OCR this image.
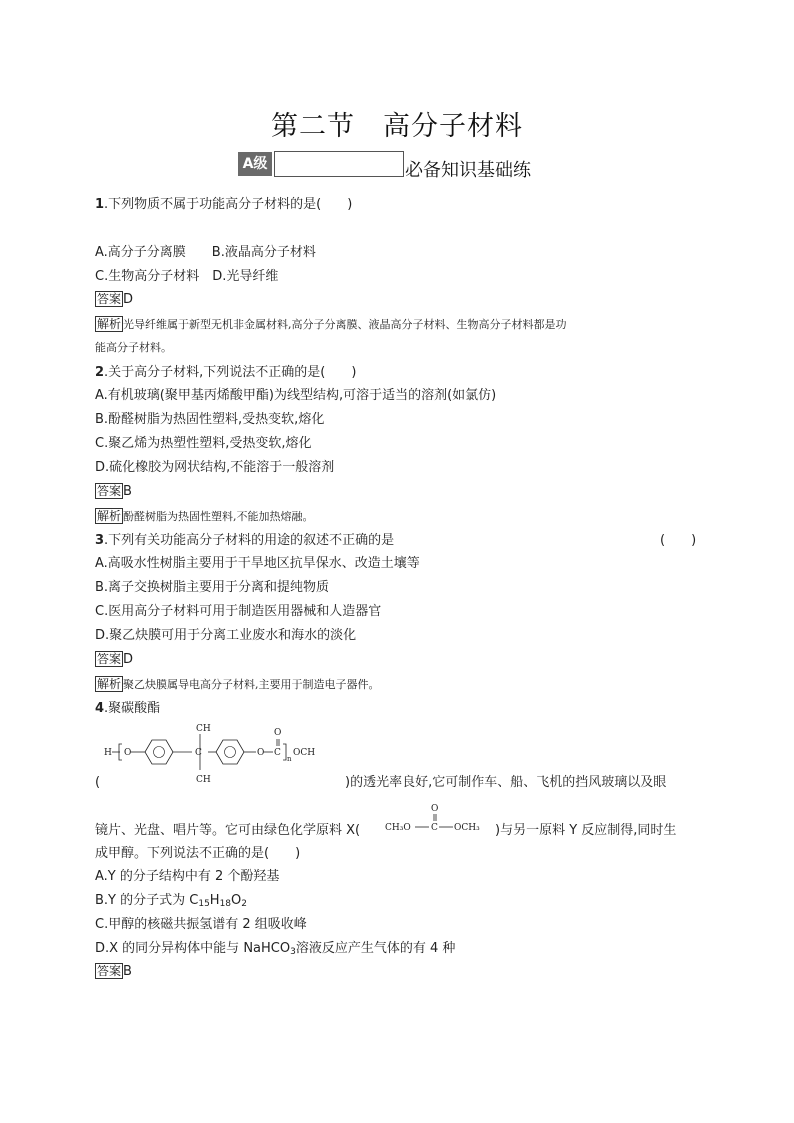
第二节　高分子材料
A级	必备知识基础练
1.下列物质不属于功能高分子材料的是(　　)
A.高分子分离膜　　B.液晶高分子材料
C.生物高分子材料　D.光导纤维
答案 D
解析 光导纤维属于新型无机非金属材料,高分子分离膜、液晶高分子材料、生物高分子材料都是功
能高分子材料。
2.关于高分子材料,下列说法不正确的是(　　)
A.有机玻璃(聚甲基丙烯酸甲酯)为线型结构,可溶于适当的溶剂(如氯仿)
B.酚醛树脂为热固性塑料,受热变软,熔化
C.聚乙烯为热塑性塑料,受热变软,熔化
D.硫化橡胶为网状结构,不能溶于一般溶剂
答案 B
解析 酚醛树脂为热固性塑料,不能加热熔融。
3.下列有关功能高分子材料的用途的叙述不正确的是	(　　)
A.高吸水性树脂主要用于干旱地区抗旱保水、改造土壤等
B.离子交换树脂主要用于分离和提纯物质
C.医用高分子材料可用于制造医用器械和人造器官
D.聚乙炔膜可用于分离工业废水和海水的淡化
答案 D
解析 聚乙炔膜属导电高分子材料,主要用于制造电子器件。
4.聚碳酸酯
H O	C
CH
CH
O C
O
n
OCH
(	)的透光率良好,它可制作车、船、飞机的挡风玻璃以及眼
镜片、光盘、唱片等。它可由绿色化学原料 X(	CH₃O C
O
OCH₃ )与另一原料 Y 反应制得,同时生
成甲醇。下列说法不正确的是(　　)
A.Y 的分子结构中有 2 个酚羟基
B.Y 的分子式为 $C_{15}H_{18}O_2$
C.甲醇的核磁共振氢谱有 2 组吸收峰
D.X 的同分异构体中能与 NaHCO$_3$溶液反应产生气体的有 4 种
答案 B
